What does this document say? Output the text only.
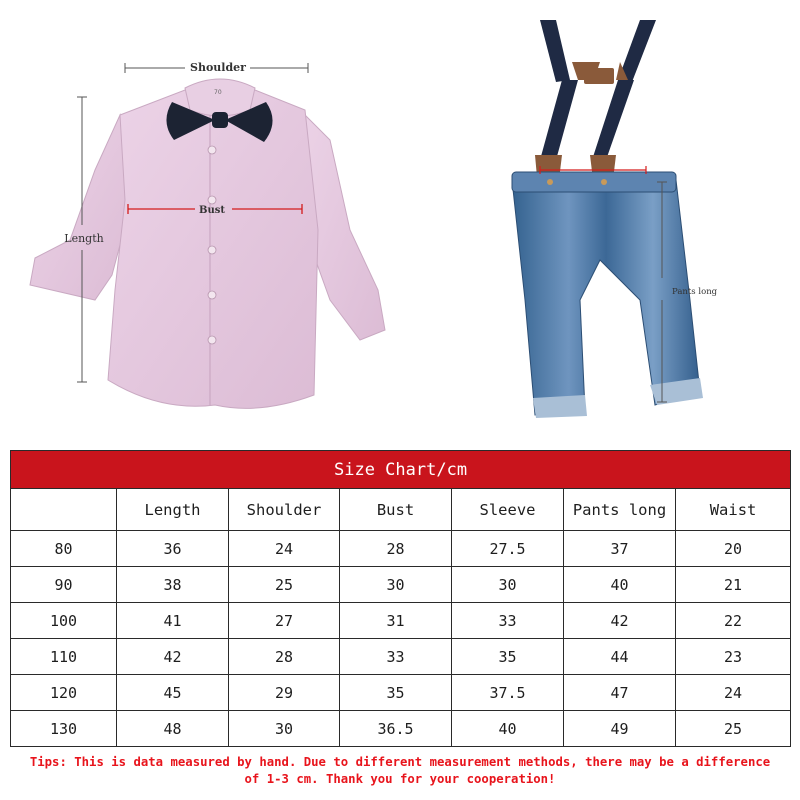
70
Shoulder
Bust
Length
Pants long
Size Chart/cm						
	Length	Shoulder	Bust	Sleeve	Pants long	Waist
80	36	24	28	27.5	37	20
90	38	25	30	30	40	21
100	41	27	31	33	42	22
110	42	28	33	35	44	23
120	45	29	35	37.5	47	24
130	48	30	36.5	40	49	25
Tips: This is data measured by hand. Due to different measurement methods, there may be a difference
of 1-3 cm. Thank you for your cooperation!
